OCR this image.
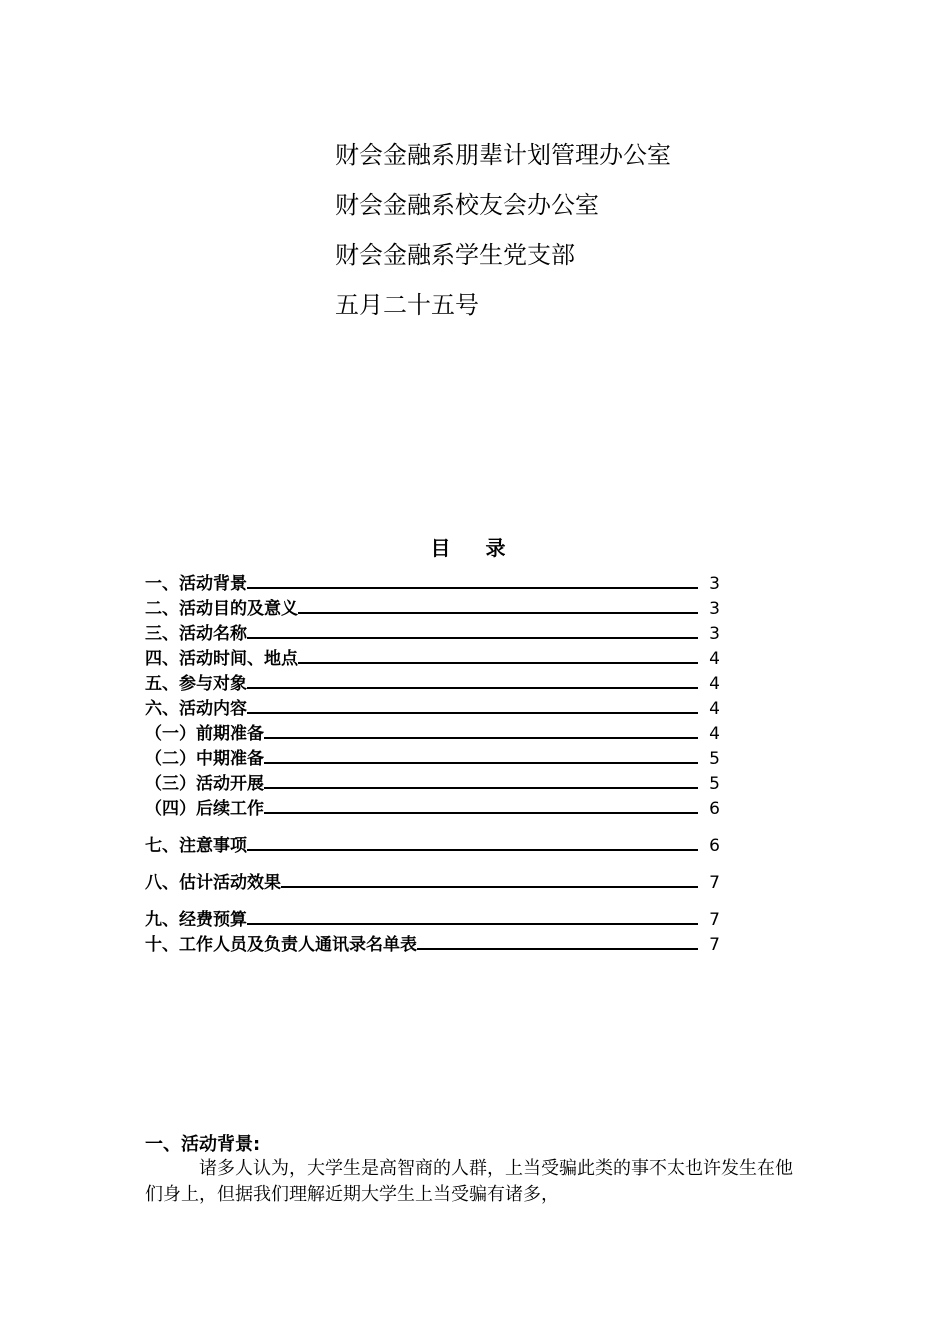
财会金融系朋辈计划管理办公室
财会金融系校友会办公室
财会金融系学生党支部
五月二十五号
目 录
一、活动背景	3
二、活动目的及意义	3
三、活动名称	3
四、活动时间、地点	4
五、参与对象	4
六、活动内容	4
（一）前期准备	4
（二）中期准备	5
（三）活动开展	5
（四）后续工作	6
七、注意事项	6
八、估计活动效果	7
九、经费预算	7
十、工作人员及负责人通讯录名单表	7
一、活动背景:
诸多人认为，大学生是高智商的人群，上当受骗此类的事不太也许发生在他们身上，但据我们理解近期大学生上当受骗有诸多，
